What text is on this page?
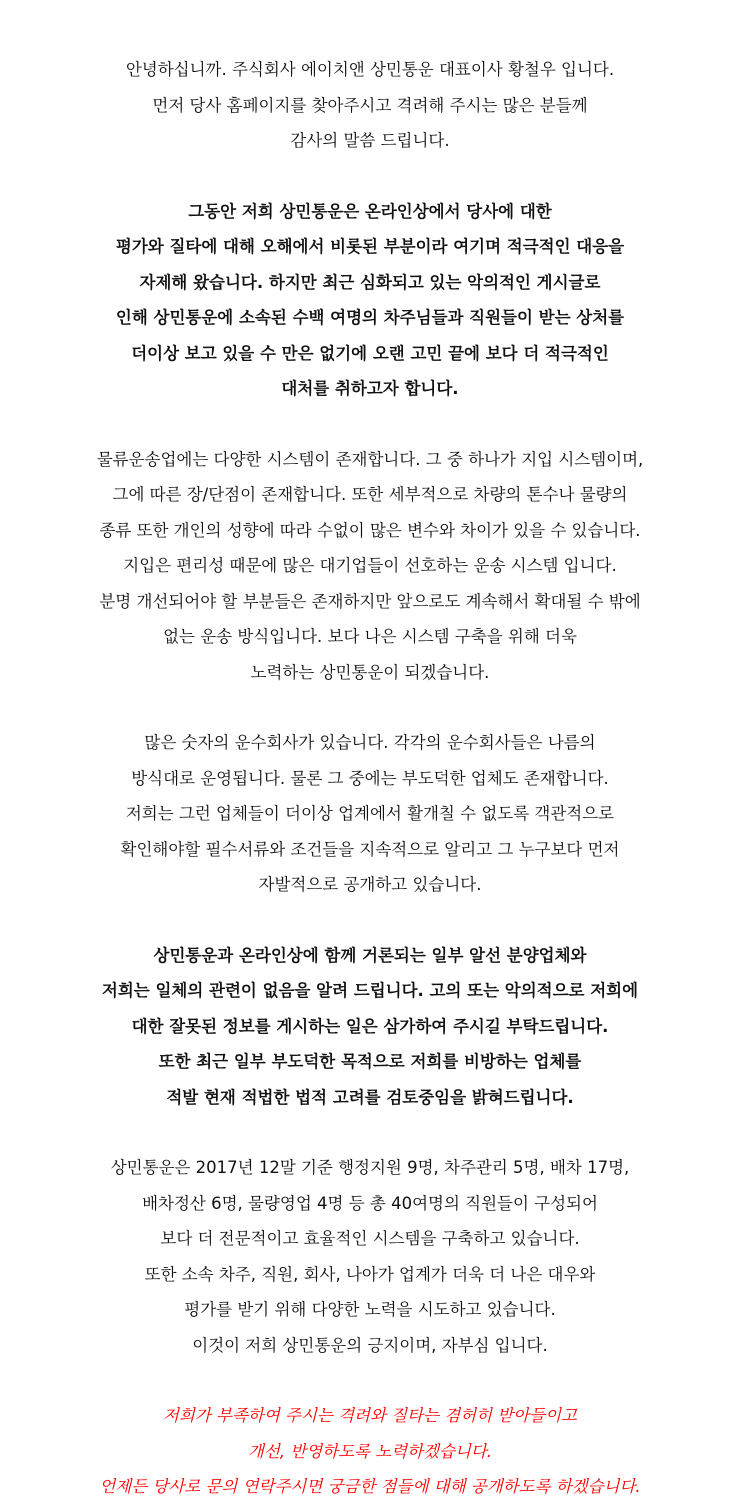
안녕하십니까. 주식회사 에이치앤 상민통운 대표이사 황철우 입니다.
먼저 당사 홈페이지를 찾아주시고 격려해 주시는 많은 분들께
감사의 말씀 드립니다.
그동안 저희 상민통운은 온라인상에서 당사에 대한
평가와 질타에 대해 오해에서 비롯된 부분이라 여기며 적극적인 대응을
자제해 왔습니다. 하지만 최근 심화되고 있는 악의적인 게시글로
인해 상민통운에 소속된 수백 여명의 차주님들과 직원들이 받는 상처를
더이상 보고 있을 수 만은 없기에 오랜 고민 끝에 보다 더 적극적인
대처를 취하고자 합니다.
물류운송업에는 다양한 시스템이 존재합니다. 그 중 하나가 지입 시스템이며,
그에 따른 장/단점이 존재합니다. 또한 세부적으로 차량의 톤수나 물량의
종류 또한 개인의 성향에 따라 수없이 많은 변수와 차이가 있을 수 있습니다.
지입은 편리성 때문에 많은 대기업들이 선호하는 운송 시스템 입니다.
분명 개선되어야 할 부분들은 존재하지만 앞으로도 계속해서 확대될 수 밖에
없는 운송 방식입니다. 보다 나은 시스템 구축을 위해 더욱
노력하는 상민통운이 되겠습니다.
많은 숫자의 운수회사가 있습니다. 각각의 운수회사들은 나름의
방식대로 운영됩니다. 물론 그 중에는 부도덕한 업체도 존재합니다.
저희는 그런 업체들이 더이상 업계에서 활개칠 수 없도록 객관적으로
확인해야할 필수서류와 조건들을 지속적으로 알리고 그 누구보다 먼저
자발적으로 공개하고 있습니다.
상민통운과 온라인상에 함께 거론되는 일부 알선 분양업체와
저희는 일체의 관련이 없음을 알려 드립니다. 고의 또는 악의적으로 저희에
대한 잘못된 정보를 게시하는 일은 삼가하여 주시길 부탁드립니다.
또한 최근 일부 부도덕한 목적으로 저희를 비방하는 업체를
적발 현재 적법한 법적 고려를 검토중임을 밝혀드립니다.
상민통운은 2017년 12말 기준 행정지원 9명, 차주관리 5명, 배차 17명,
배차정산 6명, 물량영업 4명 등 총 40여명의 직원들이 구성되어
보다 더 전문적이고 효율적인 시스템을 구축하고 있습니다.
또한 소속 차주, 직원, 회사, 나아가 업계가 더욱 더 나은 대우와
평가를 받기 위해 다양한 노력을 시도하고 있습니다.
이것이 저희 상민통운의 긍지이며, 자부심 입니다.
저희가 부족하여 주시는 격려와 질타는 겸허히 받아들이고
개선, 반영하도록 노력하겠습니다.
언제든 당사로 문의 연락주시면 궁금한 점들에 대해 공개하도록 하겠습니다.
